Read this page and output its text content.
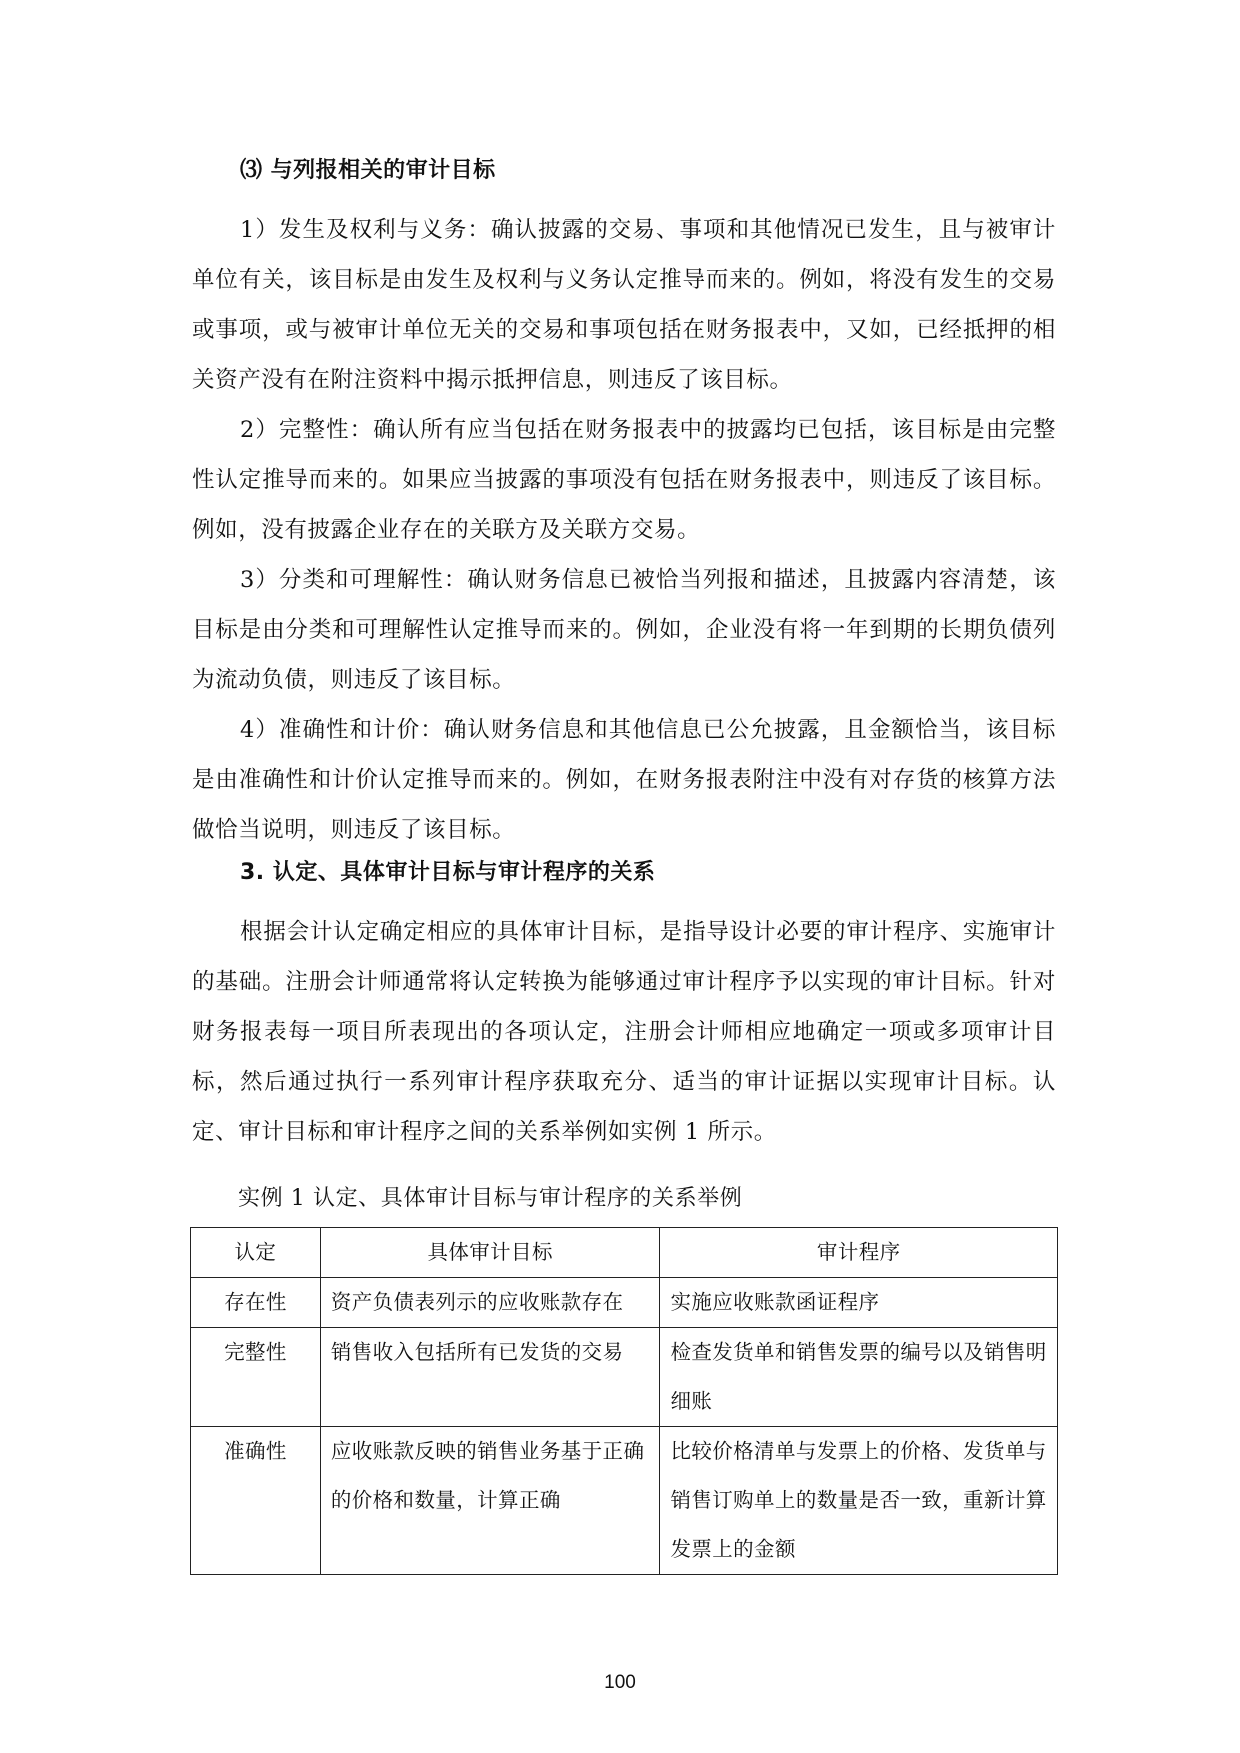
⑶ 与列报相关的审计目标

1）发生及权利与义务：确认披露的交易、事项和其他情况已发生，且与被审计单位有关，该目标是由发生及权利与义务认定推导而来的。例如，将没有发生的交易或事项，或与被审计单位无关的交易和事项包括在财务报表中，又如，已经抵押的相关资产没有在附注资料中揭示抵押信息，则违反了该目标。

2）完整性：确认所有应当包括在财务报表中的披露均已包括，该目标是由完整性认定推导而来的。如果应当披露的事项没有包括在财务报表中，则违反了该目标。例如，没有披露企业存在的关联方及关联方交易。

3）分类和可理解性：确认财务信息已被恰当列报和描述，且披露内容清楚，该目标是由分类和可理解性认定推导而来的。例如，企业没有将一年到期的长期负债列为流动负债，则违反了该目标。

4）准确性和计价：确认财务信息和其他信息已公允披露，且金额恰当，该目标是由准确性和计价认定推导而来的。例如，在财务报表附注中没有对存货的核算方法做恰当说明，则违反了该目标。

3. 认定、具体审计目标与审计程序的关系

根据会计认定确定相应的具体审计目标，是指导设计必要的审计程序、实施审计的基础。注册会计师通常将认定转换为能够通过审计程序予以实现的审计目标。针对财务报表每一项目所表现出的各项认定，注册会计师相应地确定一项或多项审计目标，然后通过执行一系列审计程序获取充分、适当的审计证据以实现审计目标。认定、审计目标和审计程序之间的关系举例如实例 1 所示。

实例 1 认定、具体审计目标与审计程序的关系举例
认定	具体审计目标	审计程序
存在性	资产负债表列示的应收账款存在	实施应收账款函证程序
完整性	销售收入包括所有已发货的交易	检查发货单和销售发票的编号以及销售明细账
准确性	应收账款反映的销售业务基于正确的价格和数量，计算正确	比较价格清单与发票上的价格、发货单与销售订购单上的数量是否一致，重新计算发票上的金额
100
